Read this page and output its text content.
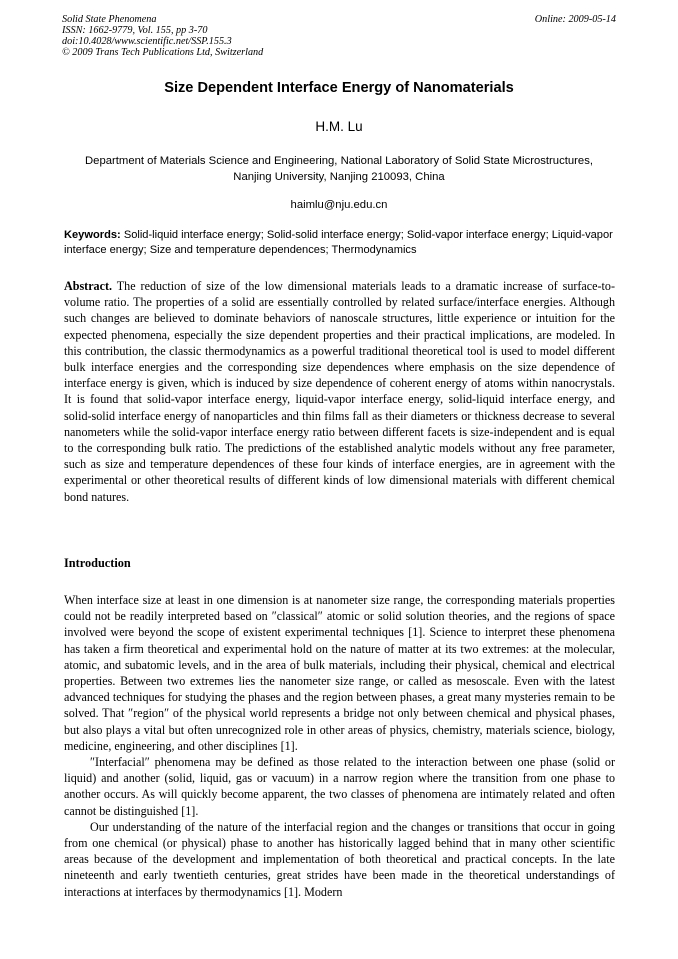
Solid State Phenomena
ISSN: 1662-9779, Vol. 155, pp 3-70
doi:10.4028/www.scientific.net/SSP.155.3
© 2009 Trans Tech Publications Ltd, Switzerland
Online: 2009-05-14
Size Dependent Interface Energy of Nanomaterials
H.M. Lu
Department of Materials Science and Engineering, National Laboratory of Solid State Microstructures, Nanjing University, Nanjing 210093, China
haimlu@nju.edu.cn
Keywords: Solid-liquid interface energy; Solid-solid interface energy; Solid-vapor interface energy; Liquid-vapor interface energy; Size and temperature dependences; Thermodynamics
Abstract. The reduction of size of the low dimensional materials leads to a dramatic increase of surface-to-volume ratio. The properties of a solid are essentially controlled by related surface/interface energies. Although such changes are believed to dominate behaviors of nanoscale structures, little experience or intuition for the expected phenomena, especially the size dependent properties and their practical implications, are modeled. In this contribution, the classic thermodynamics as a powerful traditional theoretical tool is used to model different bulk interface energies and the corresponding size dependences where emphasis on the size dependence of interface energy is given, which is induced by size dependence of coherent energy of atoms within nanocrystals. It is found that solid-vapor interface energy, liquid-vapor interface energy, solid-liquid interface energy, and solid-solid interface energy of nanoparticles and thin films fall as their diameters or thickness decrease to several nanometers while the solid-vapor interface energy ratio between different facets is size-independent and is equal to the corresponding bulk ratio. The predictions of the established analytic models without any free parameter, such as size and temperature dependences of these four kinds of interface energies, are in agreement with the experimental or other theoretical results of different kinds of low dimensional materials with different chemical bond natures.
Introduction

When interface size at least in one dimension is at nanometer size range, the corresponding materials properties could not be readily interpreted based on ″classical″ atomic or solid solution theories, and the regions of space involved were beyond the scope of existent experimental techniques [1]. Science to interpret these phenomena has taken a firm theoretical and experimental hold on the nature of matter at its two extremes: at the molecular, atomic, and subatomic levels, and in the area of bulk materials, including their physical, chemical and electrical properties. Between two extremes lies the nanometer size range, or called as mesoscale. Even with the latest advanced techniques for studying the phases and the region between phases, a great many mysteries remain to be solved. That ″region″ of the physical world represents a bridge not only between chemical and physical phases, but also plays a vital but often unrecognized role in other areas of physics, chemistry, materials science, biology, medicine, engineering, and other disciplines [1].

″Interfacial″ phenomena may be defined as those related to the interaction between one phase (solid or liquid) and another (solid, liquid, gas or vacuum) in a narrow region where the transition from one phase to another occurs. As will quickly become apparent, the two classes of phenomena are intimately related and often cannot be distinguished [1].

Our understanding of the nature of the interfacial region and the changes or transitions that occur in going from one chemical (or physical) phase to another has historically lagged behind that in many other scientific areas because of the development and implementation of both theoretical and practical concepts. In the late nineteenth and early twentieth centuries, great strides have been made in the theoretical understandings of interactions at interfaces by thermodynamics [1]. Modern
